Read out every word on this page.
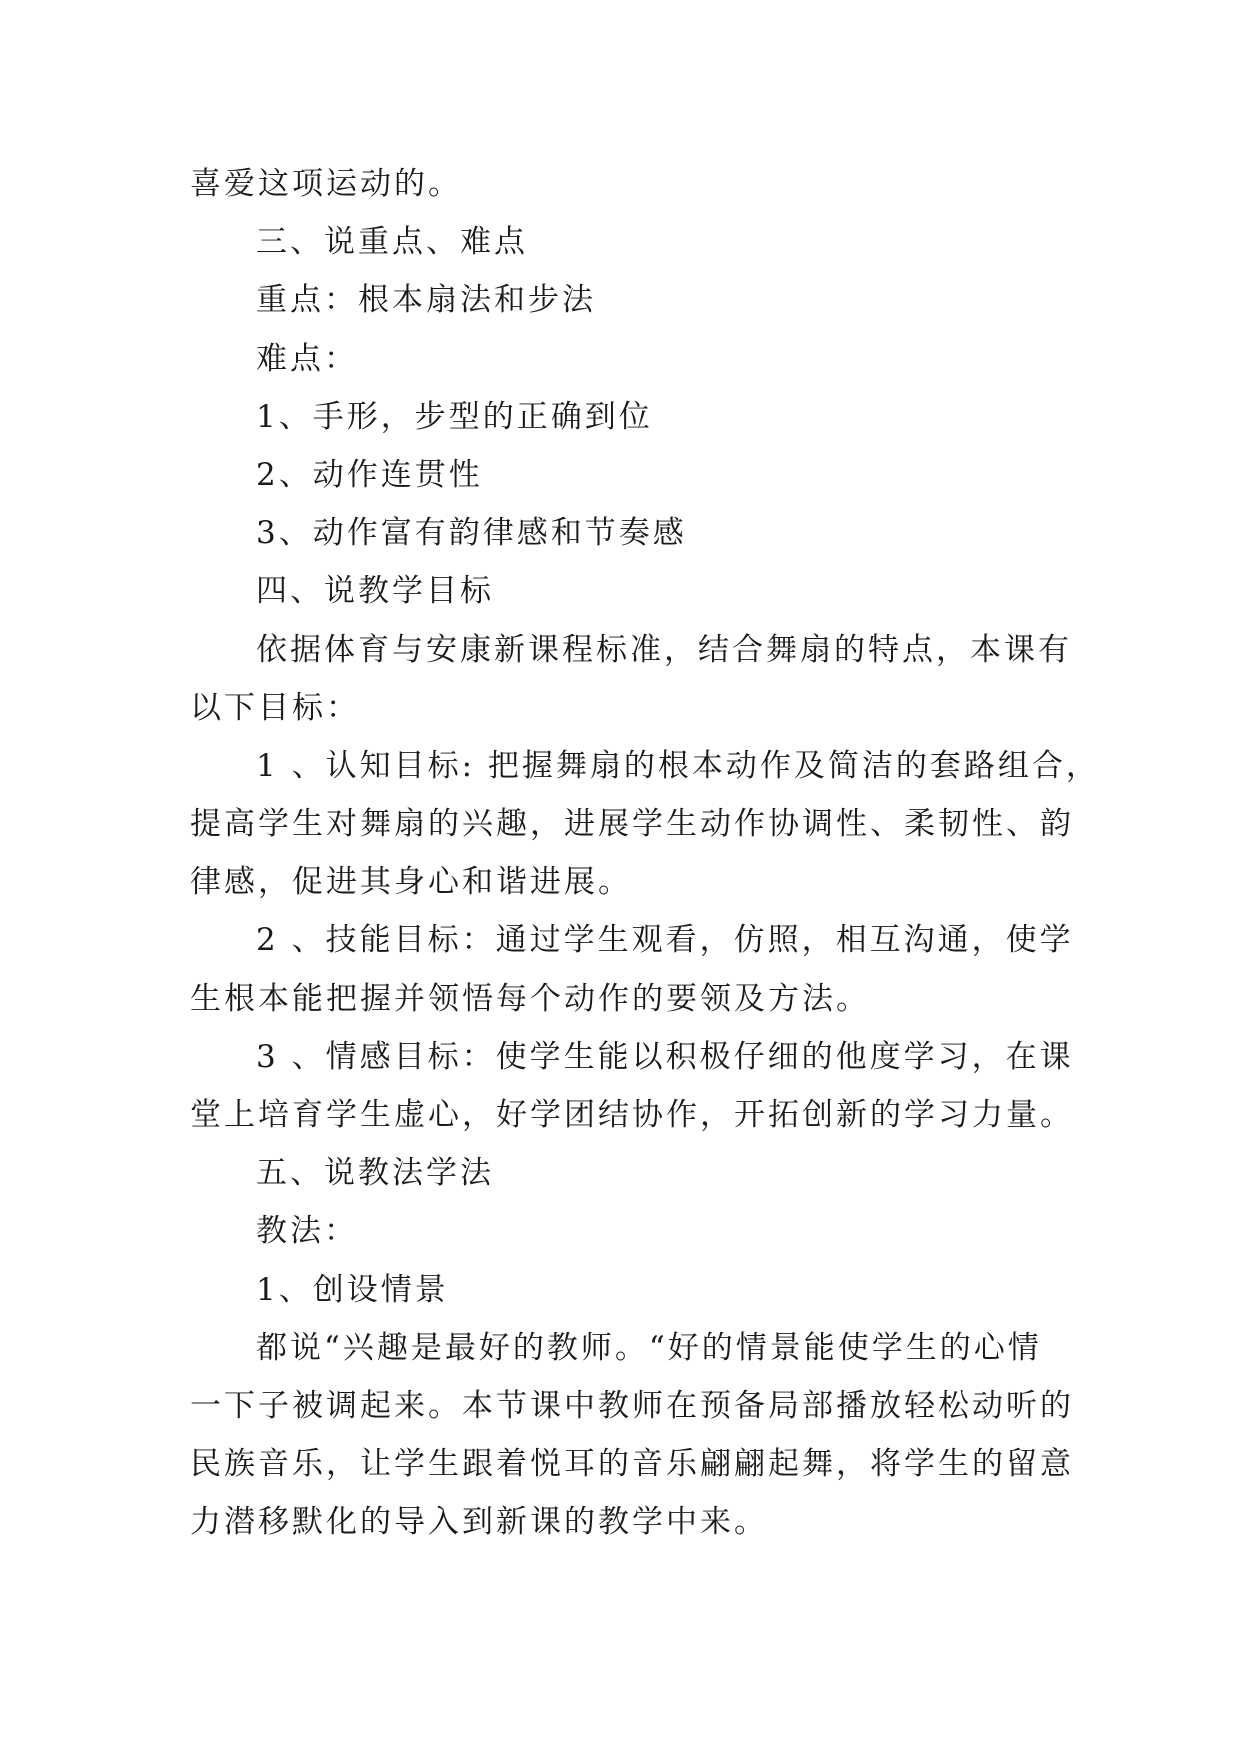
喜爱这项运动的。
三、说重点、难点
重点：根本扇法和步法
难点：
1、手形，步型的正确到位
2、动作连贯性
3、动作富有韵律感和节奏感
四、说教学目标
依据体育与安康新课程标准，结合舞扇的特点，本课有
以下目标：
1 、认知目标: 把握舞扇的根本动作及简洁的套路组合，
提高学生对舞扇的兴趣，进展学生动作协调性、柔韧性、韵
律感，促进其身心和谐进展。
2 、技能目标：通过学生观看，仿照，相互沟通，使学
生根本能把握并领悟每个动作的要领及方法。
3 、情感目标：使学生能以积极仔细的他度学习，在课
堂上培育学生虚心，好学团结协作，开拓创新的学习力量。
五、说教法学法
教法：
1、创设情景
都说“兴趣是最好的教师。“好的情景能使学生的心情
一下子被调起来。本节课中教师在预备局部播放轻松动听的
民族音乐，让学生跟着悦耳的音乐翩翩起舞，将学生的留意
力潜移默化的导入到新课的教学中来。
